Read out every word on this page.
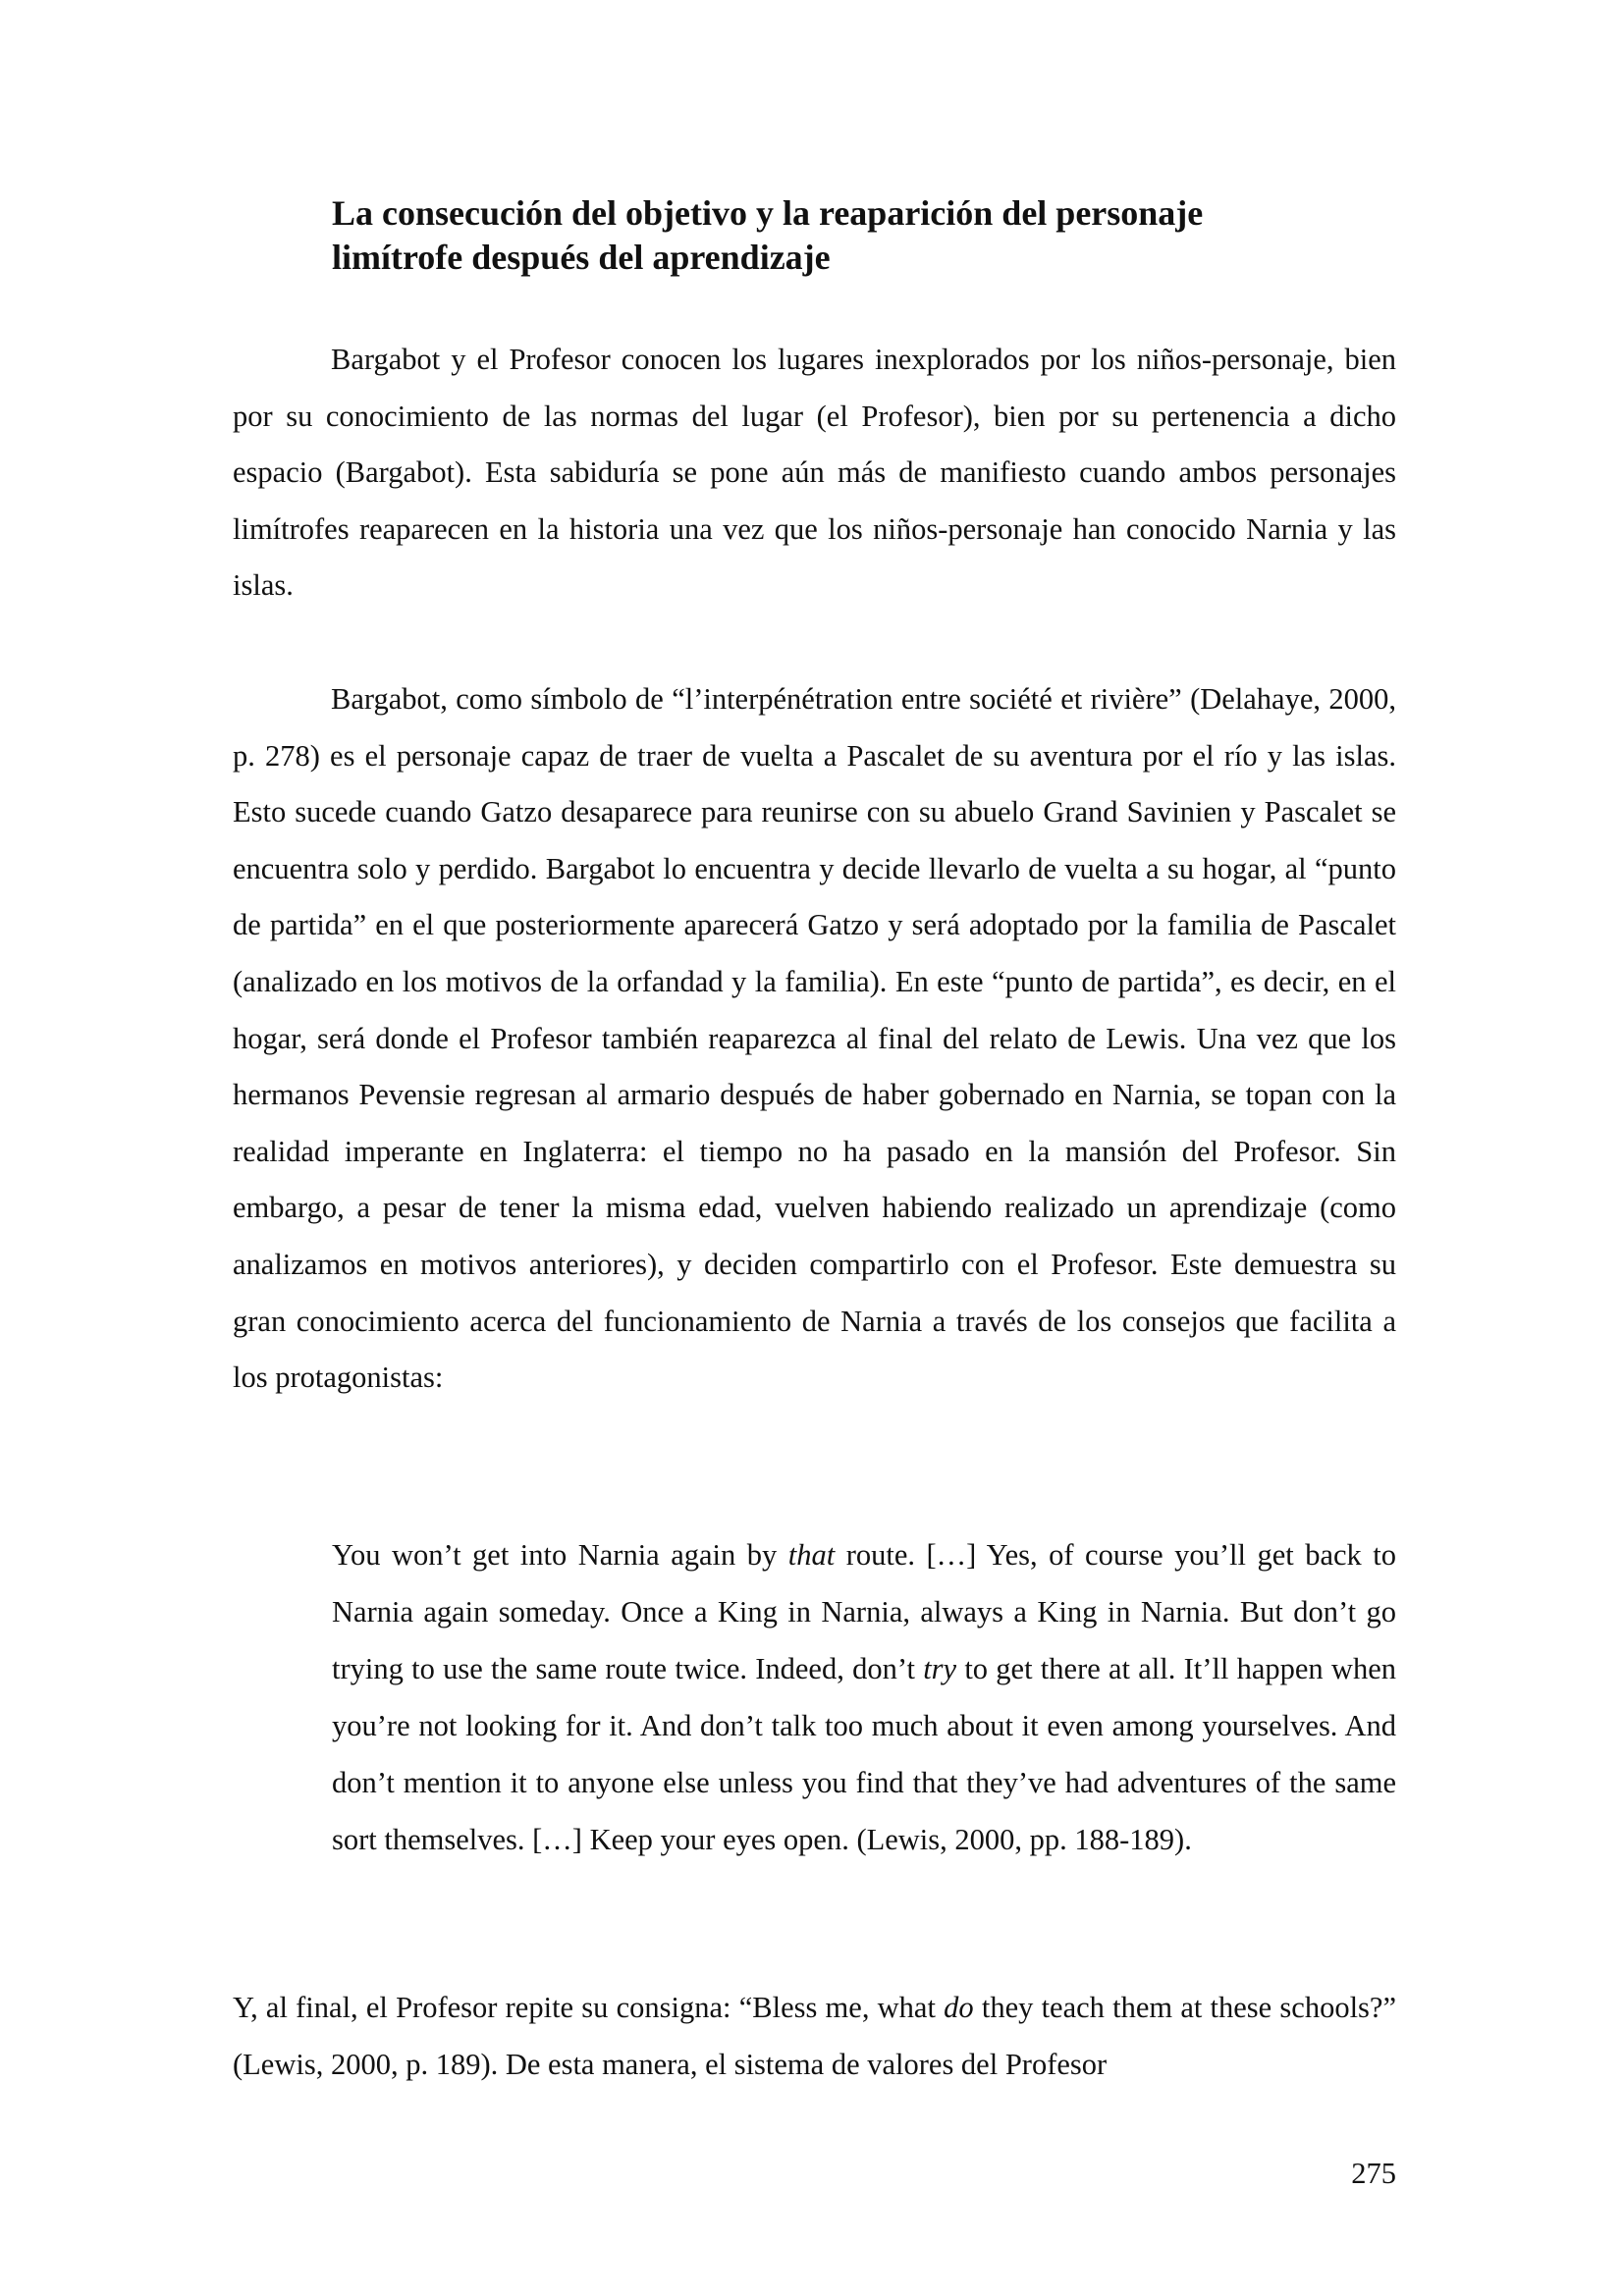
La consecución del objetivo y la reaparición del personaje
limítrofe después del aprendizaje

Bargabot y el Profesor conocen los lugares inexplorados por los niños-personaje, bien por su conocimiento de las normas del lugar (el Profesor), bien por su pertenencia a dicho espacio (Bargabot). Esta sabiduría se pone aún más de manifiesto cuando ambos personajes limítrofes reaparecen en la historia una vez que los niños-personaje han conocido Narnia y las islas.

Bargabot, como símbolo de “l’interpénétration entre société et rivière” (Delahaye, 2000, p. 278) es el personaje capaz de traer de vuelta a Pascalet de su aventura por el río y las islas. Esto sucede cuando Gatzo desaparece para reunirse con su abuelo Grand Savinien y Pascalet se encuentra solo y perdido. Bargabot lo encuentra y decide llevarlo de vuelta a su hogar, al “punto de partida” en el que posteriormente aparecerá Gatzo y será adoptado por la familia de Pascalet (analizado en los motivos de la orfandad y la familia). En este “punto de partida”, es decir, en el hogar, será donde el Profesor también reaparezca al final del relato de Lewis. Una vez que los hermanos Pevensie regresan al armario después de haber gobernado en Narnia, se topan con la realidad imperante en Inglaterra: el tiempo no ha pasado en la mansión del Profesor. Sin embargo, a pesar de tener la misma edad, vuelven habiendo realizado un aprendizaje (como analizamos en motivos anteriores), y deciden compartirlo con el Profesor. Este demuestra su gran conocimiento acerca del funcionamiento de Narnia a través de los consejos que facilita a los protagonistas:

You won’t get into Narnia again by that route. […] Yes, of course you’ll get back to Narnia again someday. Once a King in Narnia, always a King in Narnia. But don’t go trying to use the same route twice. Indeed, don’t try to get there at all. It’ll happen when you’re not looking for it. And don’t talk too much about it even among yourselves. And don’t mention it to anyone else unless you find that they’ve had adventures of the same sort themselves. […] Keep your eyes open. (Lewis, 2000, pp. 188-189).

Y, al final, el Profesor repite su consigna: “Bless me, what do they teach them at these schools?” (Lewis, 2000, p. 189). De esta manera, el sistema de valores del Profesor

275
